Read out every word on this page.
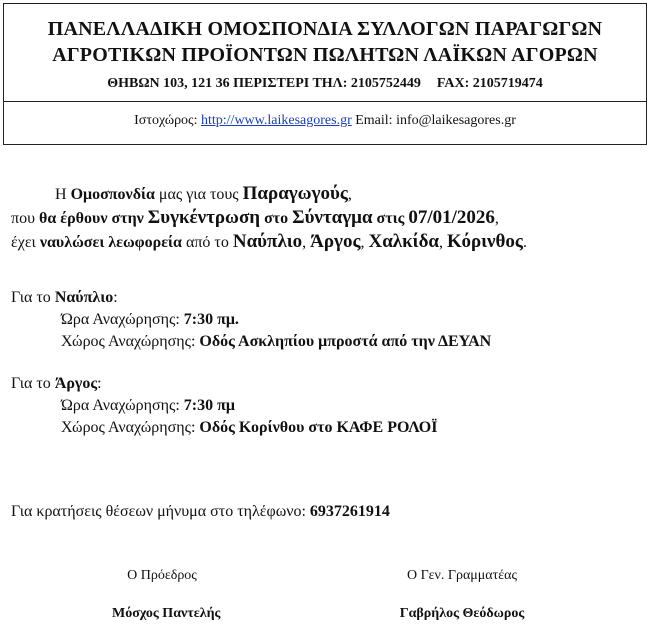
ΠΑΝΕΛΛΑΔΙΚΗ ΟΜΟΣΠΟΝΔΙΑ ΣΥΛΛΟΓΩΝ ΠΑΡΑΓΩΓΩΝ
ΑΓΡΟΤΙΚΩΝ ΠΡΟΪΟΝΤΩΝ ΠΩΛΗΤΩΝ ΛΑΪΚΩΝ ΑΓΟΡΩΝ
ΘΗΒΩΝ 103, 121 36 ΠΕΡΙΣΤΕΡΙ ΤΗΛ: 2105752449 FAX: 2105719474
Ιστοχώρος: http://www.laikesagores.gr Email: info@laikesagores.gr
Η Ομοσπονδία μας για τους Παραγωγούς,
που θα έρθουν στην Συγκέντρωση στο Σύνταγμα στις 07/01/2026,
έχει ναυλώσει λεωφορεία από το Ναύπλιο, Άργος, Χαλκίδα, Κόρινθος.
Για το Ναύπλιο:
Ώρα Αναχώρησης: 7:30 πμ.
Χώρος Αναχώρησης: Οδός Ασκληπίου μπροστά από την ΔΕΥΑΝ
Για το Άργος:
Ώρα Αναχώρησης: 7:30 πμ
Χώρος Αναχώρησης: Οδός Κορίνθου στο ΚΑΦΕ ΡΟΛΟΪ
Για κρατήσεις θέσεων μήνυμα στο τηλέφωνο: 6937261914
Ο Πρόεδρος
Μόσχος Παντελής
Ο Γεν. Γραμματέας
Γαβρήλος Θεόδωρος
